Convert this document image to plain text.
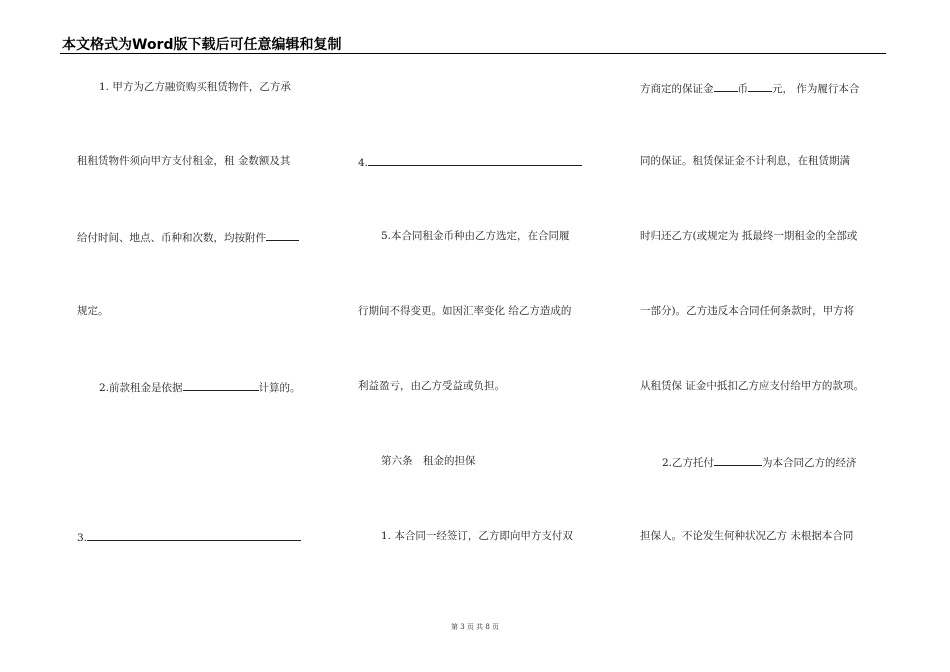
本文格式为Word版下载后可任意编辑和复制
1. 甲方为乙方融资购买租赁物件，乙方承
租租赁物件须向甲方支付租金，租 金数额及其
给付时间、地点、币种和次数，均按附件
规定。
2.前款租金是依据	计算的。
3.
4.
5.本合同租金币种由乙方选定，在合同履
行期间不得变更。如因汇率变化 给乙方造成的
利益盈亏，由乙方受益或负担。
第六条　租金的担保
1. 本合同一经签订，乙方即向甲方支付双
方商定的保证金 币 元， 作为履行本合
同的保证。租赁保证金不计利息，在租赁期满
时归还乙方(或规定为 抵最终一期租金的全部或
一部分)。乙方违反本合同任何条款时，甲方将
从租赁保 证金中抵扣乙方应支付给甲方的款项。
2.乙方托付	为本合同乙方的经济
担保人。不论发生何种状况乙方 未根据本合同
第 3 页 共 8 页
